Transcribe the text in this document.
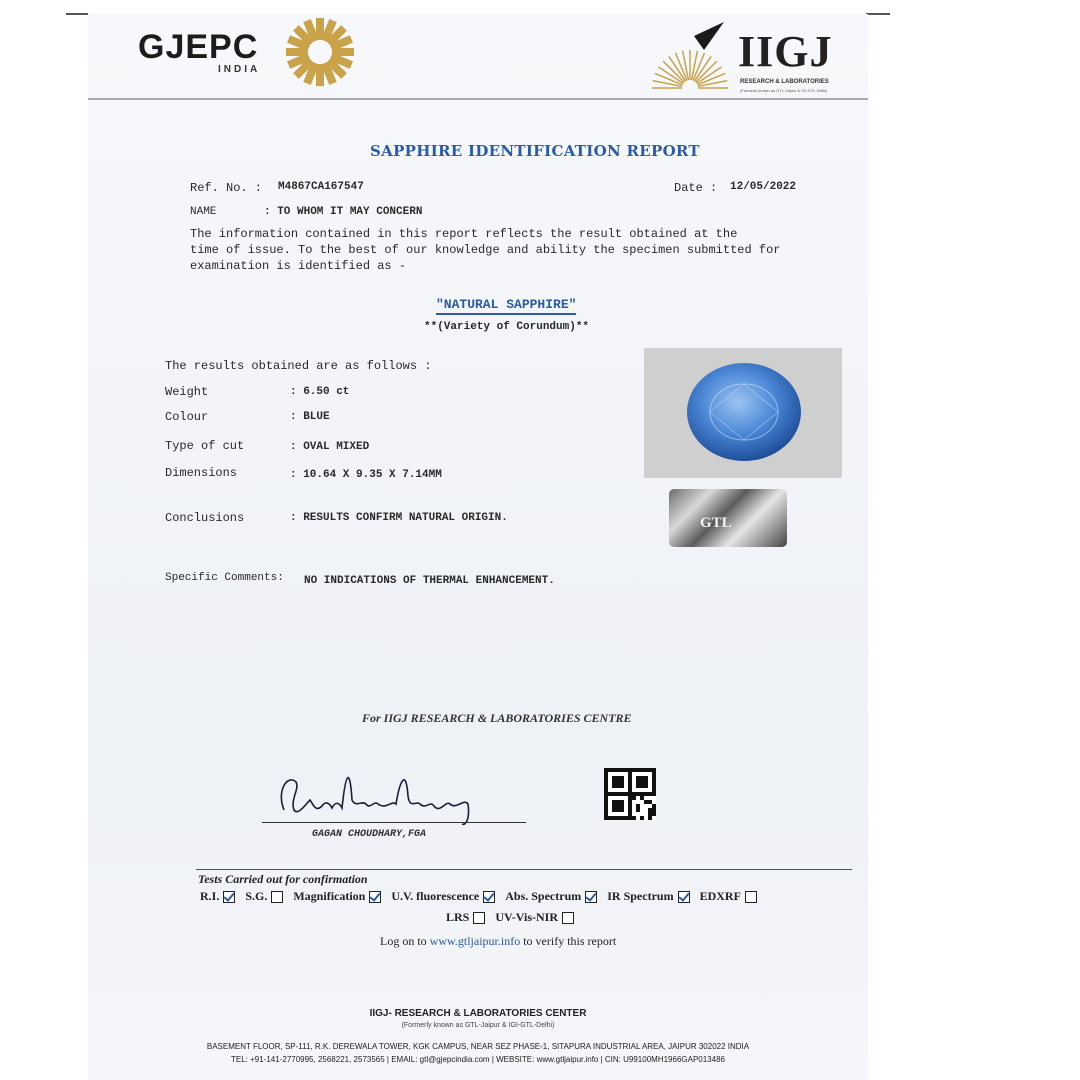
GJEPC
INDIA	IIGJ
RESEARCH & LABORATORIES
(Formerly known as GTL-Jaipur & IGI-GTL-Delhi)
SAPPHIRE IDENTIFICATION REPORT
Ref. No. : M4867CA167547	Date : 12/05/2022
NAME	: TO WHOM IT MAY CONCERN
The information contained in this report reflects the result obtained at the
time of issue. To the best of our knowledge and ability the specimen submitted for
examination is identified as -
"NATURAL SAPPHIRE"
**(Variety of Corundum)**
The results obtained are as follows :
Weight	: 6.50 ct
Colour	: BLUE
Type of cut	: OVAL MIXED
Dimensions	: 10.64 X 9.35 X 7.14MM
Conclusions	: RESULTS CONFIRM NATURAL ORIGIN.
Specific Comments: NO INDICATIONS OF THERMAL ENHANCEMENT.
GTL
For IIGJ RESEARCH & LABORATORIES CENTRE
GAGAN CHOUDHARY,FGA
Tests Carried out for confirmation
R.I. S.G. Magnification U.V. fluorescence Abs. Spectrum IR Spectrum EDXRF
LRS UV-Vis-NIR
Log on to www.gtljaipur.info to verify this report
IIGJ- RESEARCH & LABORATORIES CENTER
(Formerly known as GTL-Jaipur & IGI-GTL-Delhi)
BASEMENT FLOOR, SP-111, R.K. DEREWALA TOWER, KGK CAMPUS, NEAR SEZ PHASE-1, SITAPURA INDUSTRIAL AREA, JAIPUR 302022 INDIA
TEL: +91-141-2770995, 2568221, 2573565 | EMAIL: gtl@gjepcindia.com | WEBSITE: www.gtljaipur.info | CIN: U99100MH1966GAP013486
